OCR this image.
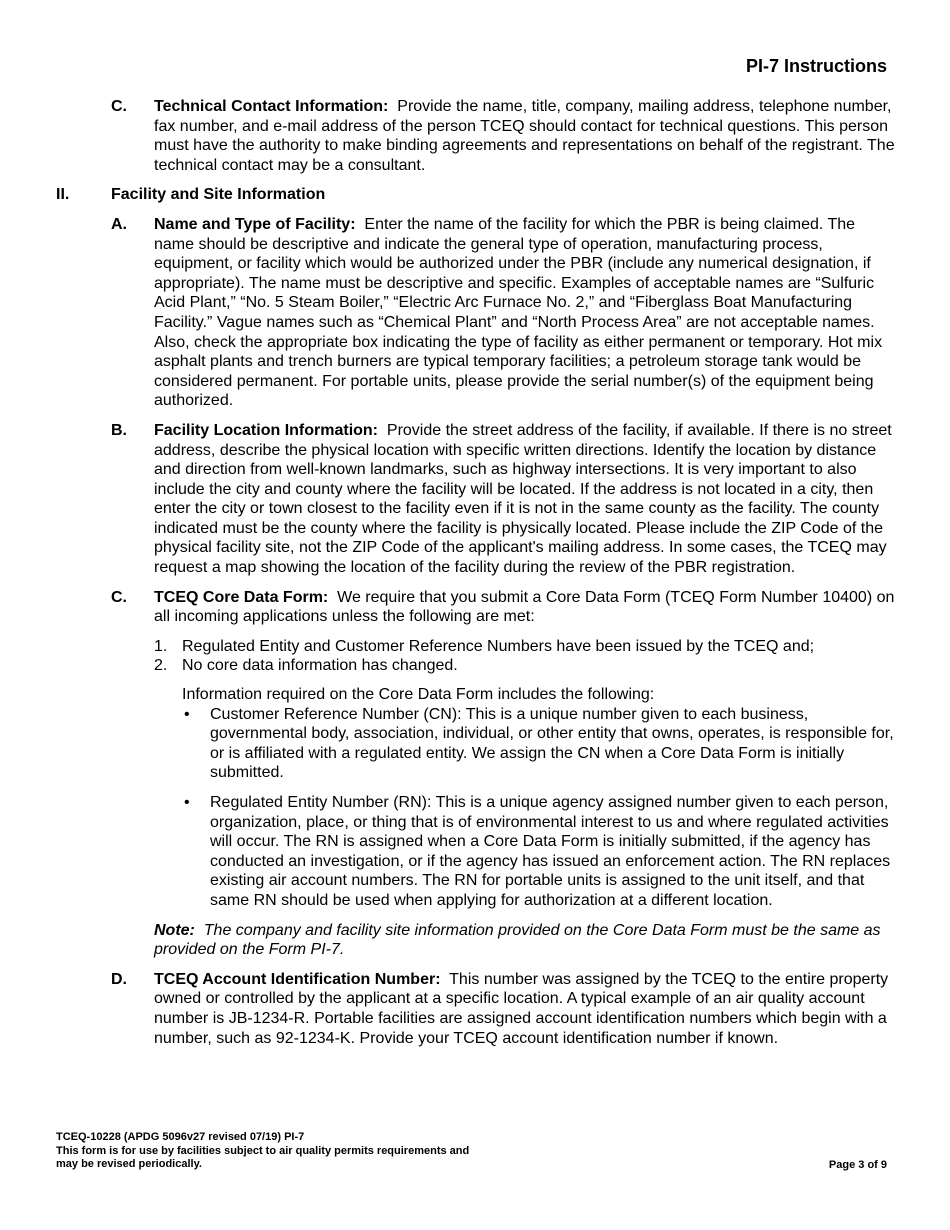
PI-7 Instructions
C. Technical Contact Information: Provide the name, title, company, mailing address, telephone number, fax number, and e-mail address of the person TCEQ should contact for technical questions. This person must have the authority to make binding agreements and representations on behalf of the registrant. The technical contact may be a consultant.
II.	Facility and Site Information
A. Name and Type of Facility: Enter the name of the facility for which the PBR is being claimed. The name should be descriptive and indicate the general type of operation, manufacturing process, equipment, or facility which would be authorized under the PBR (include any numerical designation, if appropriate). The name must be descriptive and specific. Examples of acceptable names are “Sulfuric Acid Plant,” “No. 5 Steam Boiler,” “Electric Arc Furnace No. 2,” and “Fiberglass Boat Manufacturing Facility.” Vague names such as “Chemical Plant” and “North Process Area” are not acceptable names. Also, check the appropriate box indicating the type of facility as either permanent or temporary. Hot mix asphalt plants and trench burners are typical temporary facilities; a petroleum storage tank would be considered permanent. For portable units, please provide the serial number(s) of the equipment being authorized.
B. Facility Location Information: Provide the street address of the facility, if available. If there is no street address, describe the physical location with specific written directions. Identify the location by distance and direction from well-known landmarks, such as highway intersections. It is very important to also include the city and county where the facility will be located. If the address is not located in a city, then enter the city or town closest to the facility even if it is not in the same county as the facility. The county indicated must be the county where the facility is physically located. Please include the ZIP Code of the physical facility site, not the ZIP Code of the applicant's mailing address. In some cases, the TCEQ may request a map showing the location of the facility during the review of the PBR registration.
C. TCEQ Core Data Form: We require that you submit a Core Data Form (TCEQ Form Number 10400) on all incoming applications unless the following are met:
1. Regulated Entity and Customer Reference Numbers have been issued by the TCEQ and;
2. No core data information has changed.
Information required on the Core Data Form includes the following:
• Customer Reference Number (CN): This is a unique number given to each business, governmental body, association, individual, or other entity that owns, operates, is responsible for, or is affiliated with a regulated entity. We assign the CN when a Core Data Form is initially submitted.
• Regulated Entity Number (RN): This is a unique agency assigned number given to each person, organization, place, or thing that is of environmental interest to us and where regulated activities will occur. The RN is assigned when a Core Data Form is initially submitted, if the agency has conducted an investigation, or if the agency has issued an enforcement action. The RN replaces existing air account numbers. The RN for portable units is assigned to the unit itself, and that same RN should be used when applying for authorization at a different location.
Note: The company and facility site information provided on the Core Data Form must be the same as provided on the Form PI-7.
D. TCEQ Account Identification Number: This number was assigned by the TCEQ to the entire property owned or controlled by the applicant at a specific location. A typical example of an air quality account number is JB-1234-R. Portable facilities are assigned account identification numbers which begin with a number, such as 92-1234-K. Provide your TCEQ account identification number if known.
TCEQ-10228 (APDG 5096v27 revised 07/19) PI-7
This form is for use by facilities subject to air quality permits requirements and
may be revised periodically.	Page 3 of 9
